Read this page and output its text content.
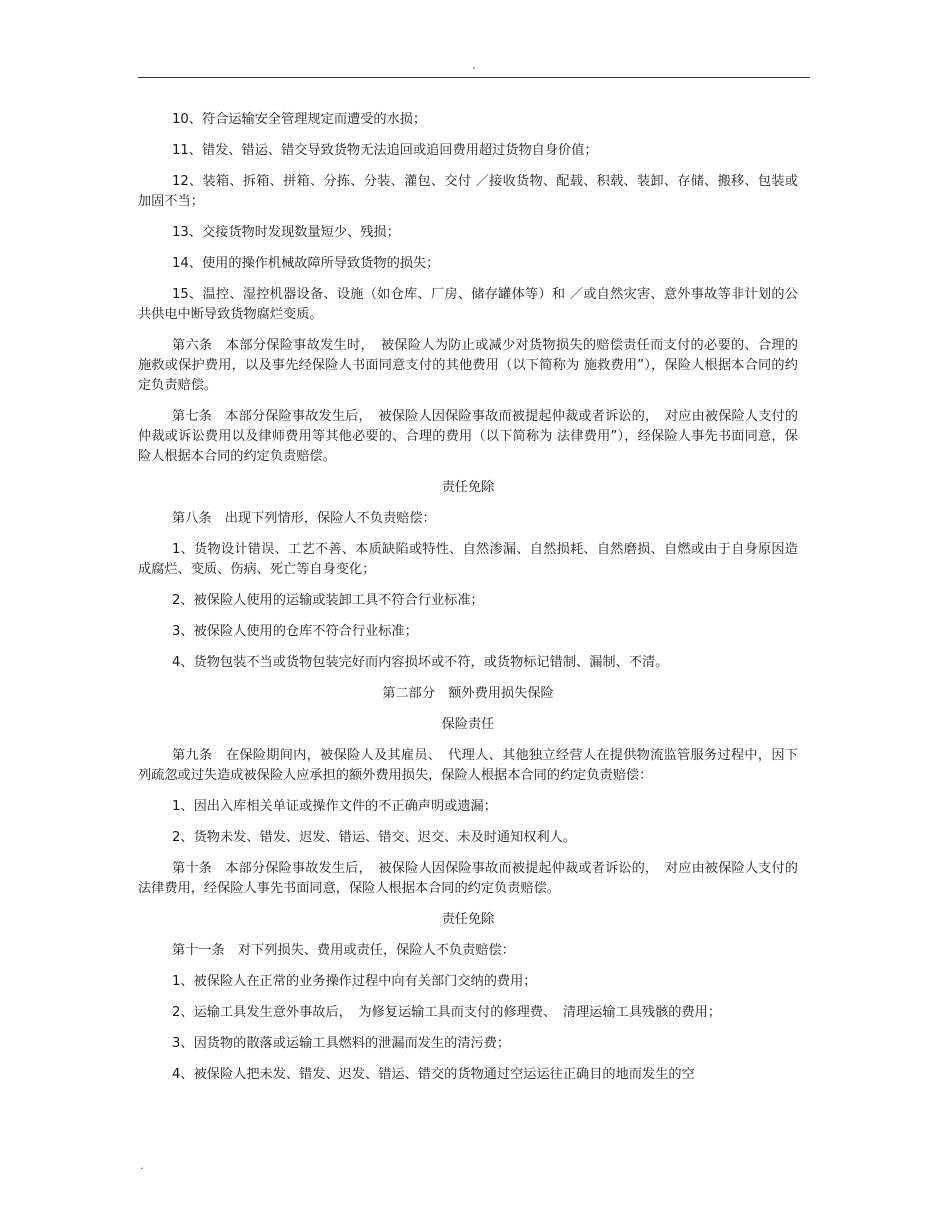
.
10、符合运输安全管理规定而遭受的水损；
11、错发、错运、错交导致货物无法追回或追回费用超过货物自身价值；
12、装箱、拆箱、拼箱、分拣、分装、灌包、交付 ／接收货物、配载、积载、装卸、存储、搬移、包装或加固不当；
13、交接货物时发现数量短少、残损；
14、使用的操作机械故障所导致货物的损失；
15、温控、湿控机器设备、设施（如仓库、厂房、储存罐体等）和 ／或自然灾害、意外事故等非计划的公共供电中断导致货物腐烂变质。
第六条　本部分保险事故发生时，　被保险人为防止或减少对货物损失的赔偿责任而支付的必要的、合理的施救或保护费用，以及事先经保险人书面同意支付的其他费用（以下简称为 施救费用”），保险人根据本合同的约定负责赔偿。
第七条　本部分保险事故发生后，　被保险人因保险事故而被提起仲裁或者诉讼的，　对应由被保险人支付的仲裁或诉讼费用以及律师费用等其他必要的、合理的费用（以下简称为 法律费用”），经保险人事先书面同意，保险人根据本合同的约定负责赔偿。
责任免除
第八条　出现下列情形，保险人不负责赔偿：
1、货物设计错误、工艺不善、本质缺陷或特性、自然渗漏、自然损耗、自然磨损、自燃或由于自身原因造成腐烂、变质、伤病、死亡等自身变化；
2、被保险人使用的运输或装卸工具不符合行业标准；
3、被保险人使用的仓库不符合行业标准；
4、货物包装不当或货物包装完好而内容损坏或不符，或货物标记错制、漏制、不清。
第二部分　额外费用损失保险
保险责任
第九条　在保险期间内，被保险人及其雇员、　代理人、其他独立经营人在提供物流监管服务过程中，因下列疏忽或过失造成被保险人应承担的额外费用损失，保险人根据本合同的约定负责赔偿：
1、因出入库相关单证或操作文件的不正确声明或遗漏；
2、货物未发、错发、迟发、错运、错交、迟交、未及时通知权利人。
第十条　本部分保险事故发生后，　被保险人因保险事故而被提起仲裁或者诉讼的，　对应由被保险人支付的法律费用，经保险人事先书面同意，保险人根据本合同的约定负责赔偿。
责任免除
第十一条　对下列损失、费用或责任，保险人不负责赔偿：
1、被保险人在正常的业务操作过程中向有关部门交纳的费用；
2、运输工具发生意外事故后，　为修复运输工具而支付的修理费、　清理运输工具残骸的费用；
3、因货物的散落或运输工具燃料的泄漏而发生的清污费；
4、被保险人把未发、错发、迟发、错运、错交的货物通过空运运往正确目的地而发生的空
.
